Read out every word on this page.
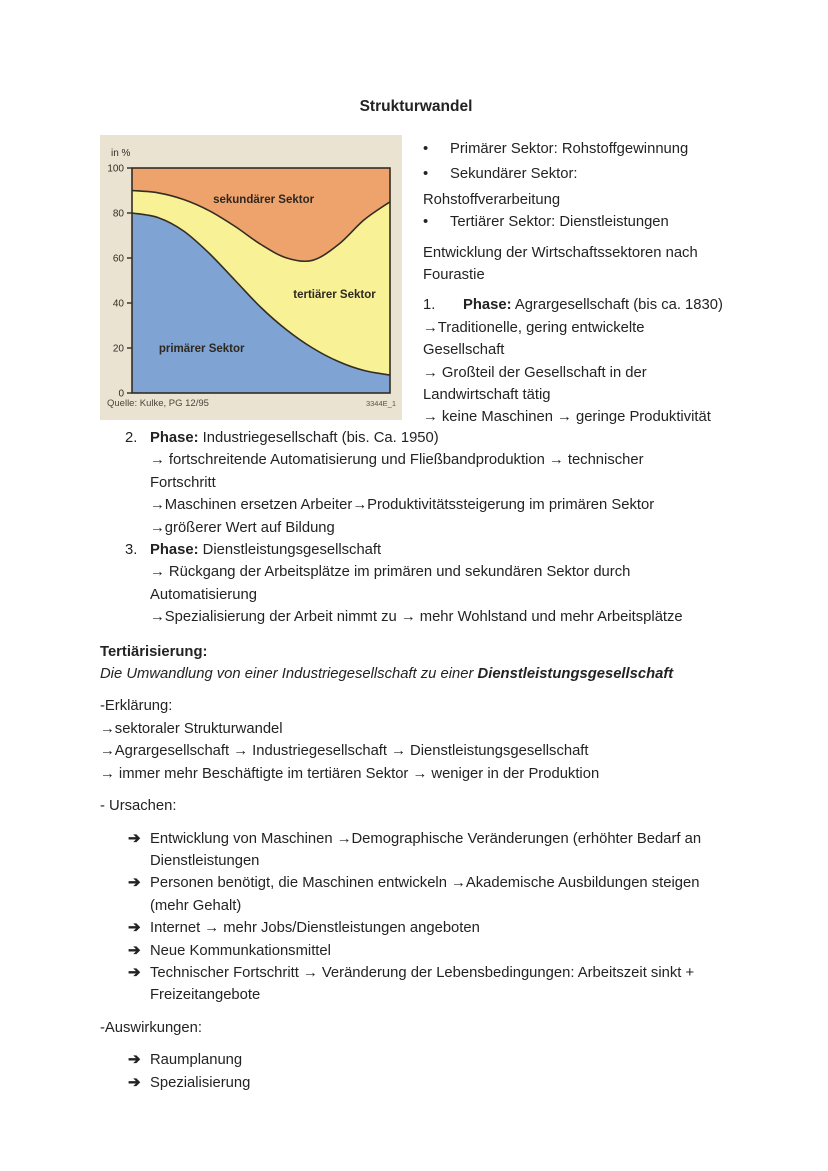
Strukturwandel
0
20
40
60
80
100
in %
sekundärer Sektor
tertiärer Sektor
primärer Sektor
Quelle: Kulke, PG 12/95	3344E_1
•	Primärer Sektor: Rohstoffgewinnung
•	Sekundärer Sektor:
Rohstoffverarbeitung
•	Tertiärer Sektor: Dienstleistungen
Entwicklung der Wirtschaftssektoren nach
Fourastie
1. Phase: Agrargesellschaft (bis ca. 1830)
→Traditionelle, gering entwickelte
Gesellschaft
→ Großteil der Gesellschaft in der
Landwirtschaft tätig
→ keine Maschinen → geringe Produktivität
2. Phase: Industriegesellschaft (bis. Ca. 1950)
→ fortschreitende Automatisierung und Fließbandproduktion → technischer
Fortschritt
→Maschinen ersetzen Arbeiter→Produktivitätssteigerung im primären Sektor
→größerer Wert auf Bildung
3. Phase: Dienstleistungsgesellschaft
→ Rückgang der Arbeitsplätze im primären und sekundären Sektor durch
Automatisierung
→Spezialisierung der Arbeit nimmt zu → mehr Wohlstand und mehr Arbeitsplätze
Tertiärisierung:

Die Umwandlung von einer Industriegesellschaft zu einer Dienstleistungsgesellschaft

-Erklärung:

→sektoraler Strukturwandel
→Agrargesellschaft → Industriegesellschaft → Dienstleistungsgesellschaft
→ immer mehr Beschäftigte im tertiären Sektor → weniger in der Produktion

- Ursachen:

➔ Entwicklung von Maschinen →Demographische Veränderungen (erhöhter Bedarf an
Dienstleistungen
➔ Personen benötigt, die Maschinen entwickeln →Akademische Ausbildungen steigen
(mehr Gehalt)
➔ Internet → mehr Jobs/Dienstleistungen angeboten
➔ Neue Kommunkationsmittel
➔ Technischer Fortschritt → Veränderung der Lebensbedingungen: Arbeitszeit sinkt +
Freizeitangebote

-Auswirkungen:

➔ Raumplanung
➔ Spezialisierung
